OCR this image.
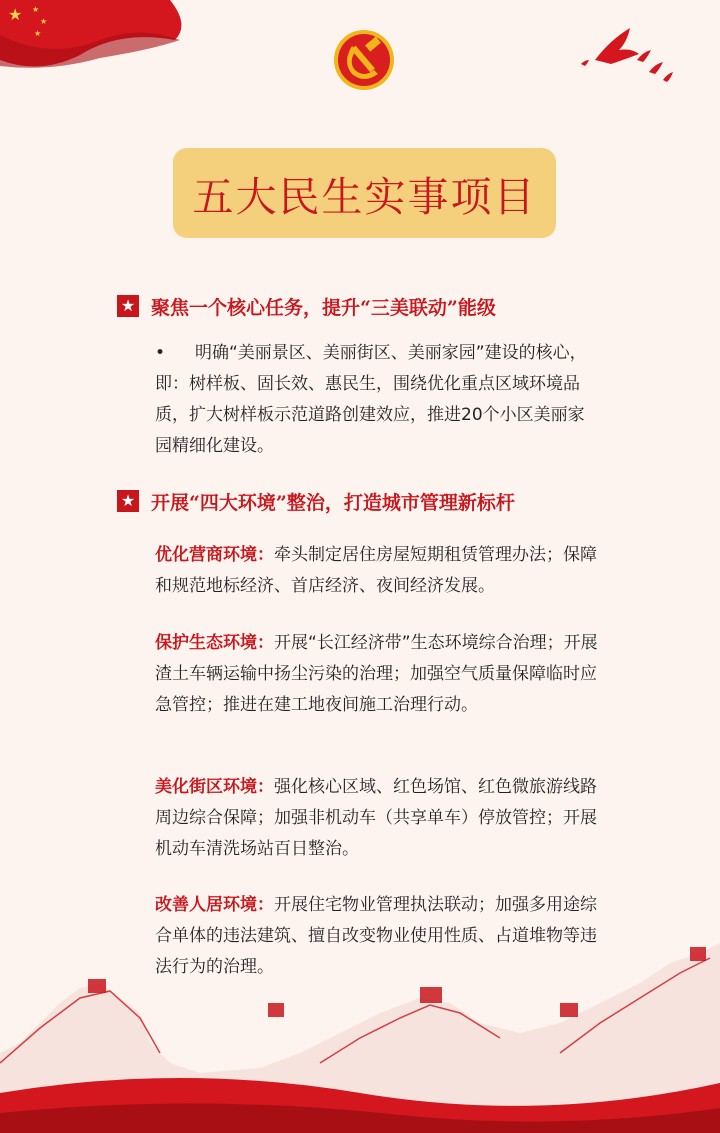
★ ★
★
★
五大民生实事项目
★ 聚焦一个核心任务，提升“三美联动”能级
• 明确“美丽景区、美丽街区、美丽家园”建设的核心，即：树样板、固长效、惠民生，围绕优化重点区域环境品质，扩大树样板示范道路创建效应，推进20个小区美丽家园精细化建设。
★ 开展“四大环境”整治，打造城市管理新标杆
优化营商环境：牵头制定居住房屋短期租赁管理办法；保障和规范地标经济、首店经济、夜间经济发展。
保护生态环境：开展“长江经济带”生态环境综合治理；开展渣土车辆运输中扬尘污染的治理；加强空气质量保障临时应急管控；推进在建工地夜间施工治理行动。
美化街区环境：强化核心区域、红色场馆、红色微旅游线路周边综合保障；加强非机动车（共享单车）停放管控；开展机动车清洗场站百日整治。
改善人居环境：开展住宅物业管理执法联动；加强多用途综合单体的违法建筑、擅自改变物业使用性质、占道堆物等违法行为的治理。
